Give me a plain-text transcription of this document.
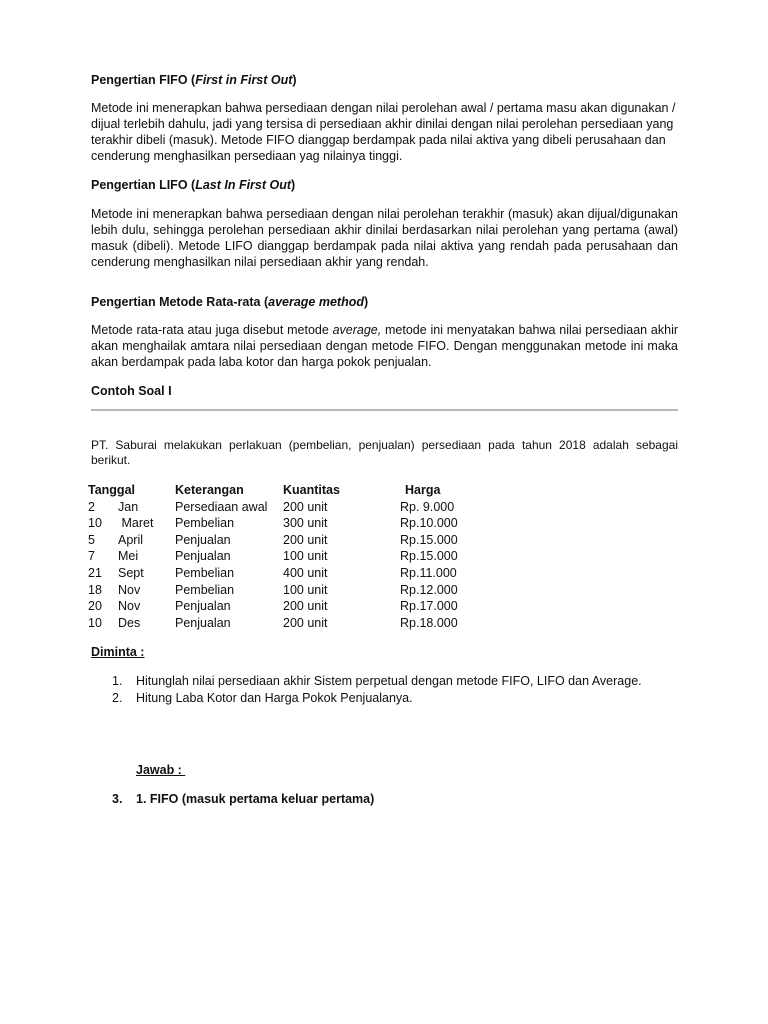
Pengertian FIFO (First in First Out)

Metode ini menerapkan bahwa persediaan dengan nilai perolehan awal / pertama masu akan digunakan / dijual terlebih dahulu, jadi yang tersisa di persediaan akhir dinilai dengan nilai perolehan persediaan yang terakhir dibeli (masuk). Metode FIFO dianggap berdampak pada nilai aktiva yang dibeli perusahaan dan cenderung menghasilkan persediaan yag nilainya tinggi.

Pengertian LIFO (Last In First Out)

Metode ini menerapkan bahwa persediaan dengan nilai perolehan terakhir (masuk) akan dijual/digunakan lebih dulu, sehingga perolehan persediaan akhir dinilai berdasarkan nilai perolehan yang pertama (awal) masuk (dibeli). Metode LIFO dianggap berdampak pada nilai aktiva yang rendah pada perusahaan dan cenderung menghasilkan nilai persediaan akhir yang rendah.

Pengertian Metode Rata-rata (average method)

Metode rata-rata atau juga disebut metode average, metode ini menyatakan bahwa nilai persediaan akhir akan menghailak amtara nilai persediaan dengan metode FIFO. Dengan menggunakan metode ini maka akan berdampak pada laba kotor dan harga pokok penjualan.

Contoh Soal I

PT. Saburai melakukan perlakuan (pembelian, penjualan) persediaan pada tahun 2018 adalah sebagai berikut.

Tanggal		Keterangan	Kuantitas	Harga
2	Jan	Persediaan awal	200 unit	Rp. 9.000
10	Maret	Pembelian	300 unit	Rp.10.000
5	April	Penjualan	200 unit	Rp.15.000
7	Mei	Penjualan	100 unit	Rp.15.000
21	Sept	Pembelian	400 unit	Rp.11.000
18	Nov	Pembelian	100 unit	Rp.12.000
20	Nov	Penjualan	200 unit	Rp.17.000
10	Des	Penjualan	200 unit	Rp.18.000

Diminta :

1. Hitunglah nilai persediaan akhir Sistem perpetual dengan metode FIFO, LIFO dan Average.
2. Hitung Laba Kotor dan Harga Pokok Penjualanya.

Jawab :

3. 1. FIFO (masuk pertama keluar pertama)
